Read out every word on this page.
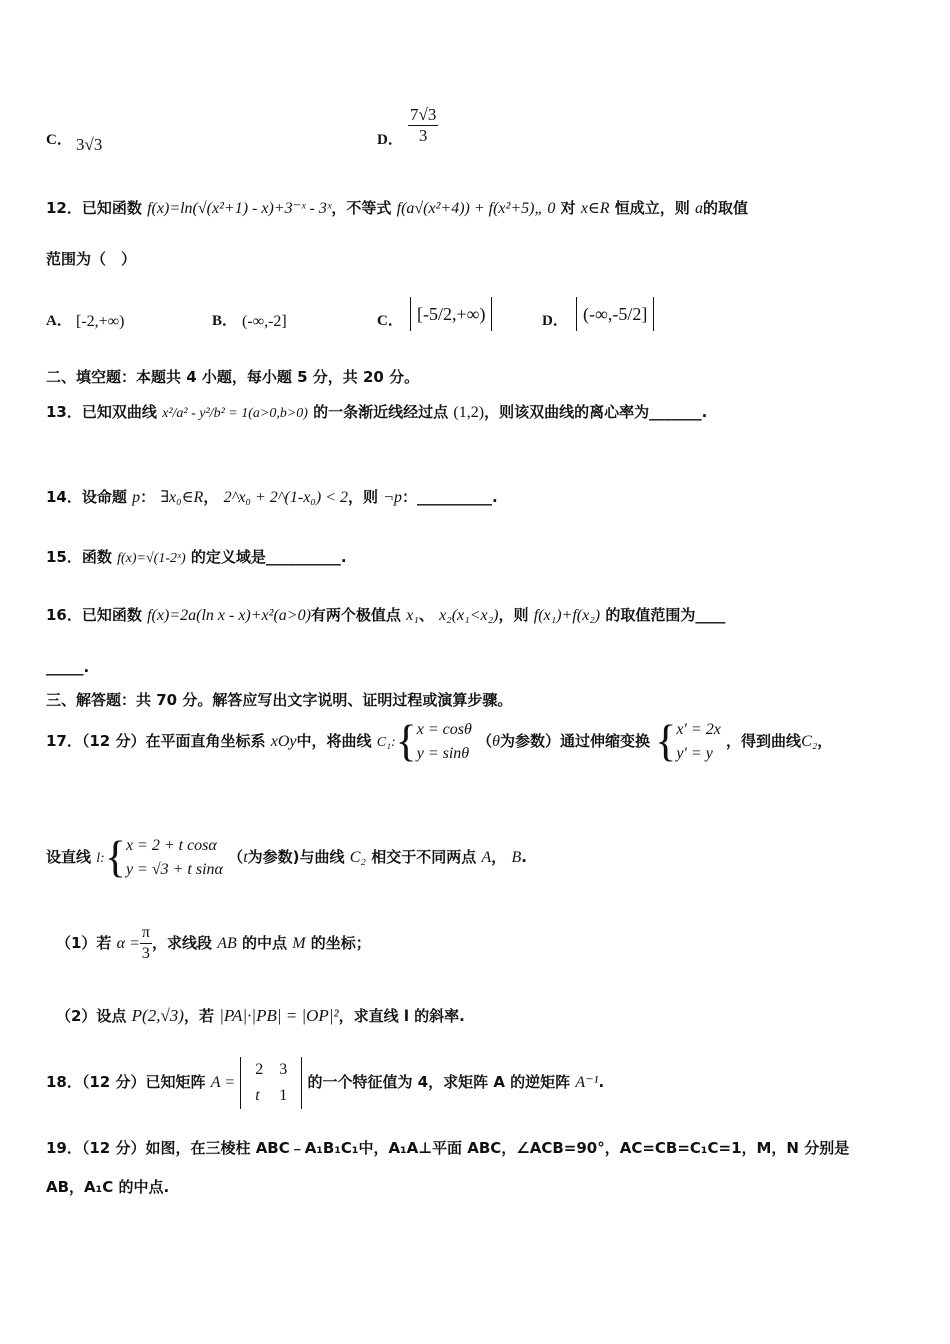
C． 3√3	D． $\frac{7√3}{3}$
12．已知函数 f(x)=ln(√(x²+1) - x)+3⁻ˣ - 3ˣ，不等式 f(a√(x²+4)) + f(x²+5)„ 0 对 x∈R 恒成立，则 a的取值
范围为（　）
A． [-2,+∞)	B． (-∞,-2]	C． [-5/2,+∞)	D． (-∞,-5/2]
二、填空题：本题共 4 小题，每小题 5 分，共 20 分。
13．已知双曲线 x²/a² - y²/b² = 1(a>0,b>0) 的一条渐近线经过点 (1,2)，则该双曲线的离心率为_______.
14．设命题 p： ∃x₀∈R， 2^x₀ + 2^(1-x₀) < 2，则 ¬p：__________.
15．函数 f(x)=√(1-2ˣ) 的定义域是__________.
16．已知函数 f(x)=2a(ln x - x)+x²(a>0)有两个极值点 x₁、 x₂(x₁<x₂)，则 f(x₁)+f(x₂) 的取值范围为____
_____.
三、解答题：共 70 分。解答应写出文字说明、证明过程或演算步骤。
17．（12 分）在平面直角坐标系 xOy中，将曲线 C₁:{ x = cosθ
y = sinθ
（θ为参数）通过伸缩变换 { x′ = 2x
y′ = y
，得到曲线C₂，
设直线 l:{ x = 2 + t cosα
y = √3 + t sinα
（t为参数)与曲线 C₂ 相交于不同两点 A， B.
（1）若 $\alpha = \frac{\pi}{3}$ ，求线段 AB 的中点 M 的坐标；
（2）设点 P(2,√3)，若 |PA|·|PB| = |OP|²，求直线 l 的斜率.
18．（12 分）已知矩阵 A =
2	3
t	1
的一个特征值为 4，求矩阵 A 的逆矩阵 A⁻¹.
19．（12 分）如图，在三棱柱 ABC﹣A₁B₁C₁中，A₁A⊥平面 ABC，∠ACB=90°，AC=CB=C₁C=1，M，N 分别是
AB，A₁C 的中点.
